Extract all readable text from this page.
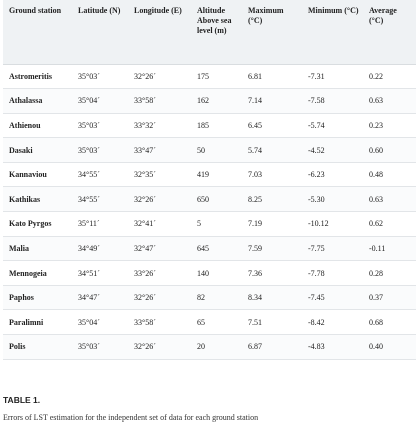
Ground station	Latitude (N)	Longitude (E)	Altitude Above sea level (m)	Maximum (°C)	Minimum (°C)	Average (°C)
Astromeritis	35°03´	32°26´	175	6.81	-7.31	0.22
Athalassa	35°04´	33°58´	162	7.14	-7.58	0.63
Athienou	35°03´	33°32´	185	6.45	-5.74	0.23
Dasaki	35°03´	33°47´	50	5.74	-4.52	0.60
Kannaviou	34°55´	32°35´	419	7.03	-6.23	0.48
Kathikas	34°55´	32°26´	650	8.25	-5.30	0.63
Kato Pyrgos	35°11´	32°41´	5	7.19	-10.12	0.62
Malia	34°49´	32°47´	645	7.59	-7.75	-0.11
Mennogeia	34°51´	33°26´	140	7.36	-7.78	0.28
Paphos	34°47´	32°26´	82	8.34	-7.45	0.37
Paralimni	35°04´	33°58´	65	7.51	-8.42	0.68
Polis	35°03´	32°26´	20	6.87	-4.83	0.40

TABLE 1.

Errors of LST estimation for the independent set of data for each ground station
